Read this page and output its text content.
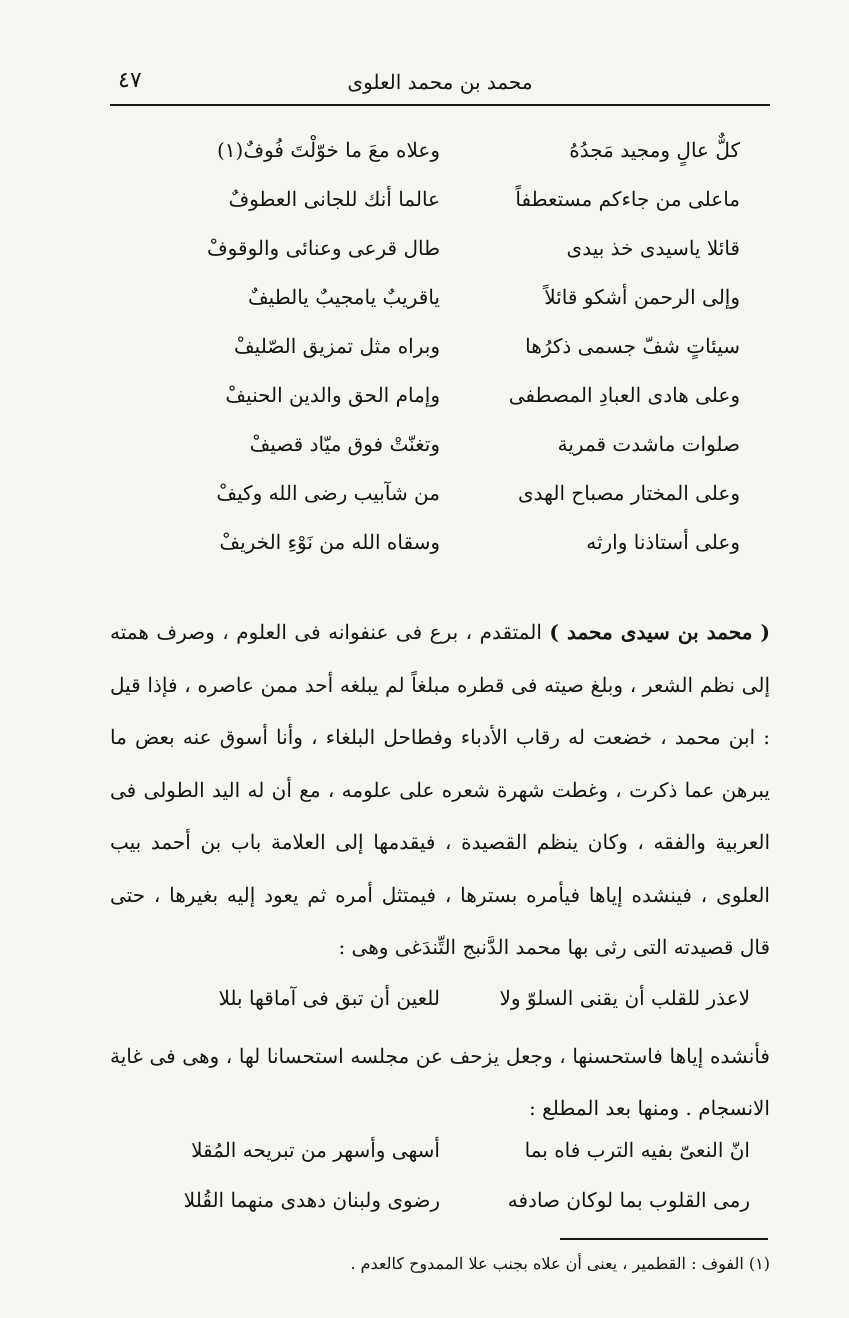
محمد بن محمد العلوى
٤٧
كلٌّ عالٍ ومجيد مَجدُهُ
وعلاه معَ ما خوّلْتَ فُوفٌ(١)
ماعلى من جاءكم مستعطفاً
عالما أنك للجانى العطوفٌ
قائلا ياسيدى خذ بيدى
طال قرعى وعنائى والوقوفْ
وإلى الرحمن أشكو قائلاً
ياقريبٌ يامجيبٌ يالطيفٌ
سيئاتٍ شفّ جسمى ذكرُها
وبراه مثل تمزيق الصّليفْ
وعلى هادى العبادِ المصطفى
وإمام الحق والدين الحنيفْ
صلوات ماشدت قمرية
وتغنّتْ فوق ميّاد قصيفْ
وعلى المختار مصباح الهدى
من شآبيب رضى الله وكيفْ
وعلى أستاذنا وارثه
وسقاه الله من نَوْءِ الخريفْ

( محمد بن سيدى محمد ) المتقدم ، برع فى عنفوانه فى العلوم ، وصرف همته إلى نظم الشعر ، وبلغ صيته فى قطره مبلغاً لم يبلغه أحد ممن عاصره ، فإذا قيل : ابن محمد ، خضعت له رقاب الأدباء وفطاحل البلغاء ، وأنا أسوق عنه بعض ما يبرهن عما ذكرت ، وغطت شهرة شعره على علومه ، مع أن له اليد الطولى فى العربية والفقه ، وكان ينظم القصيدة ، فيقدمها إلى العلامة باب بن أحمد بيب العلوى ، فينشده إياها فيأمره بسترها ، فيمتثل أمره ثم يعود إليه بغيرها ، حتى قال قصيدته التى رثى بها محمد الدَّنبج التِّندَغى وهى :

لاعذر للقلب أن يقنى السلوّ ولا
للعين أن تبق فى آماقها بللا

فأنشده إياها فاستحسنها ، وجعل يزحف عن مجلسه استحسانا لها ، وهى فى غاية الانسجام . ومنها بعد المطلع :

انّ النعىّ بفيه الترب فاه بما
أسهى وأسهر من تبريحه المُقلا
رمى القلوب بما لوكان صادفه
رضوى ولبنان دهدى منهما القُللا
(١) الفوف : القطمير ، يعنى أن علاه بجنب علا الممدوح كالعدم .
